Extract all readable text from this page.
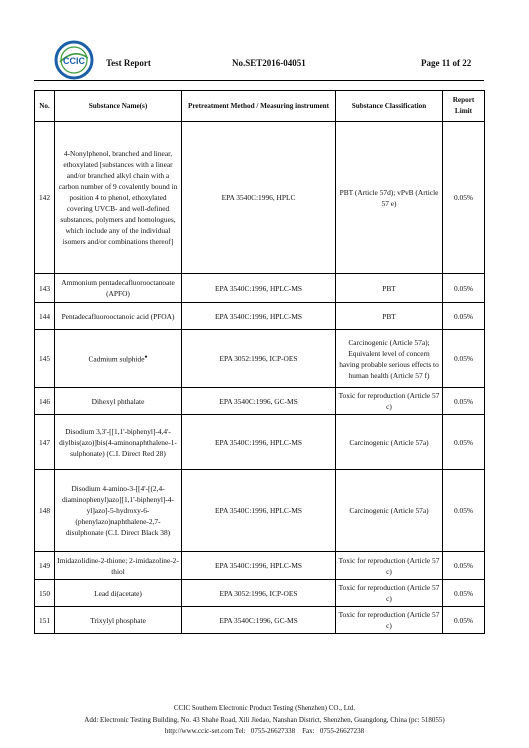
CCIC Test Report	No.SET2016-04051	Page 11 of 22
No.	Substance Name(s)	Pretreatment Method / Measuring instrument	Substance Classification	Report Limit
142	4-Nonylphenol, branched and linear, ethoxylated [substances with a linear and/or branched alkyl chain with a carbon number of 9 covalently bound in position 4 to phenol, ethoxylated covering UVCB- and well-defined substances, polymers and homologues, which include any of the individual isomers and/or combinations thereof]	EPA 3540C:1996, HPLC	PBT (Article 57d); vPvB (Article 57 e)	0.05%
143	Ammonium pentadecafluorooctanoate (APFO)	EPA 3540C:1996, HPLC-MS	PBT	0.05%
144	Pentadecafluorooctanoic acid (PFOA)	EPA 3540C:1996, HPLC-MS	PBT	0.05%
145	Cadmium sulphide●	EPA 3052:1996, ICP-OES	Carcinogenic (Article 57a); Equivalent level of concern having probable serious effects to human health (Article 57 f)	0.05%
146	Dihexyl phthalate	EPA 3540C:1996, GC-MS	Toxic for reproduction (Article 57 c)	0.05%
147	Disodium 3,3'-[[1,1'-biphenyl]-4,4'-diylbis(azo)]bis(4-aminonaphthalene-1-sulphonate) (C.I. Direct Red 28)	EPA 3540C:1996, HPLC-MS	Carcinogenic (Article 57a)	0.05%
148	Disodium 4-amino-3-[[4'-[(2,4-diaminophenyl)azo][1,1'-biphenyl]-4-yl]azo]-5-hydroxy-6-(phenylazo)naphthalene-2,7-disulphonate (C.I. Direct Black 38)	EPA 3540C:1996, HPLC-MS	Carcinogenic (Article 57a)	0.05%
149	Imidazolidine-2-thione; 2-imidazoline-2-thiol	EPA 3540C:1996, HPLC-MS	Toxic for reproduction (Article 57 c)	0.05%
150	Lead di(acetate)	EPA 3052:1996, ICP-OES	Toxic for reproduction (Article 57 c)	0.05%
151	Trixylyl phosphate	EPA 3540C:1996, GC-MS	Toxic for reproduction (Article 57 c)	0.05%
CCIC Southern Electronic Product Testing (Shenzhen) CO., Ltd.
Add: Electronic Testing Building, No. 43 Shahe Road, Xili Jiedao, Nanshan District, Shenzhen, Guangdong, China (pc: 518055)
http://www.ccic-set.com Tel:   0755-26627338    Fax:   0755-26627238
